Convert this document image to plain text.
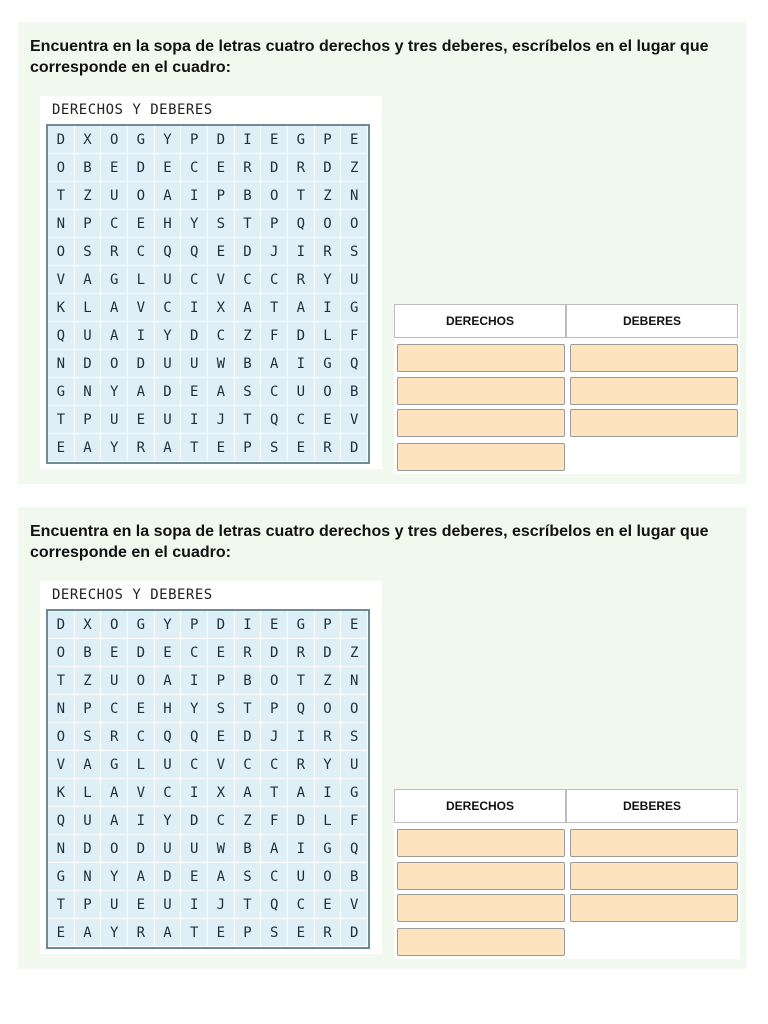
Encuentra en la sopa de letras cuatro derechos y tres deberes, escríbelos en el lugar que corresponde en el cuadro:
DERECHOS Y DEBERES
D	X	O	G	Y	P	D	I	E	G	P	E
O	B	E	D	E	C	E	R	D	R	D	Z
T	Z	U	O	A	I	P	B	O	T	Z	N
N	P	C	E	H	Y	S	T	P	Q	O	O
O	S	R	C	Q	Q	E	D	J	I	R	S
V	A	G	L	U	C	V	C	C	R	Y	U
K	L	A	V	C	I	X	A	T	A	I	G
Q	U	A	I	Y	D	C	Z	F	D	L	F
N	D	O	D	U	U	W	B	A	I	G	Q
G	N	Y	A	D	E	A	S	C	U	O	B
T	P	U	E	U	I	J	T	Q	C	E	V
E	A	Y	R	A	T	E	P	S	E	R	D
DERECHOS	DEBERES
Encuentra en la sopa de letras cuatro derechos y tres deberes, escríbelos en el lugar que corresponde en el cuadro:
DERECHOS Y DEBERES
D	X	O	G	Y	P	D	I	E	G	P	E
O	B	E	D	E	C	E	R	D	R	D	Z
T	Z	U	O	A	I	P	B	O	T	Z	N
N	P	C	E	H	Y	S	T	P	Q	O	O
O	S	R	C	Q	Q	E	D	J	I	R	S
V	A	G	L	U	C	V	C	C	R	Y	U
K	L	A	V	C	I	X	A	T	A	I	G
Q	U	A	I	Y	D	C	Z	F	D	L	F
N	D	O	D	U	U	W	B	A	I	G	Q
G	N	Y	A	D	E	A	S	C	U	O	B
T	P	U	E	U	I	J	T	Q	C	E	V
E	A	Y	R	A	T	E	P	S	E	R	D
DERECHOS	DEBERES
